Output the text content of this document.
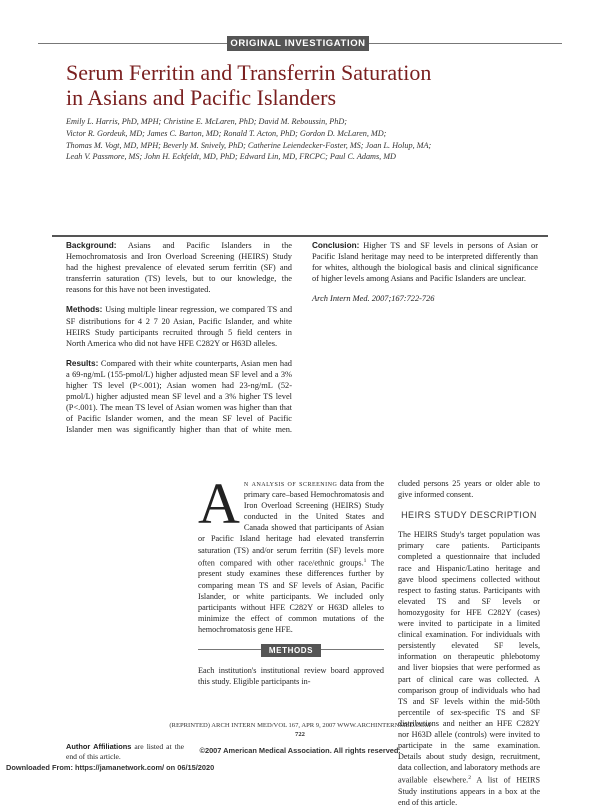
ORIGINAL INVESTIGATION
Serum Ferritin and Transferrin Saturation
in Asians and Pacific Islanders
Emily L. Harris, PhD, MPH; Christine E. McLaren, PhD; David M. Reboussin, PhD;
Victor R. Gordeuk, MD; James C. Barton, MD; Ronald T. Acton, PhD; Gordon D. McLaren, MD;
Thomas M. Vogt, MD, MPH; Beverly M. Snively, PhD; Catherine Leiendecker-Foster, MS; Joan L. Holup, MA;
Leah V. Passmore, MS; John H. Eckfeldt, MD, PhD; Edward Lin, MD, FRCPC; Paul C. Adams, MD

Background: Asians and Pacific Islanders in the Hemochromatosis and Iron Overload Screening (HEIRS) Study had the highest prevalence of elevated serum ferritin (SF) and transferrin saturation (TS) levels, but to our knowledge, the reasons for this have not been investigated.

Methods: Using multiple linear regression, we compared TS and SF distributions for 4 2 7 20 Asian, Pacific Islander, and white HEIRS Study participants recruited through 5 field centers in North America who did not have HFE C282Y or H63D alleles.

Results: Compared with their white counterparts, Asian men had a 69-ng/mL (155-pmol/L) higher adjusted mean SF level and a 3% higher TS level (P<.001); Asian women had 23-ng/mL (52-pmol/L) higher adjusted mean SF level and a 3% higher TS level (P<.001). The mean TS level of Asian women was higher than that of Pacific Islander women, and the mean SF level of Pacific Islander men was significantly higher than that of white men.

Conclusion: Higher TS and SF levels in persons of Asian or Pacific Island heritage may need to be interpreted differently than for whites, although the biological basis and clinical significance of higher levels among Asians and Pacific Islanders are unclear.

Arch Intern Med. 2007;167:722-726

A n analysis of screening data from the primary care–based Hemochromatosis and Iron Overload Screening (HEIRS) Study conducted in the United States and Canada showed that participants of Asian or Pacific Island heritage had elevated transferrin saturation (TS) and/or serum ferritin (SF) levels more often compared with other race/ethnic groups.$^1$ The present study examines these differences further by comparing mean TS and SF levels of Asian, Pacific Islander, or white participants. We included only participants without HFE C282Y or H63D alleles to minimize the effect of common mutations of the hemochromatosis gene HFE.

METHODS

Each institution's institutional review board approved this study. Eligible participants in-

Author Affiliations are listed at the end of this article.

cluded persons 25 years or older able to give informed consent.

HEIRS STUDY DESCRIPTION

The HEIRS Study's target population was primary care patients. Participants completed a questionnaire that included race and Hispanic/Latino heritage and gave blood specimens collected without respect to fasting status. Participants with elevated TS and SF levels or homozygosity for HFE C282Y (cases) were invited to participate in a limited clinical examination. For individuals with persistently elevated SF levels, information on therapeutic phlebotomy and liver biopsies that were performed as part of clinical care was collected. A comparison group of individuals who had TS and SF levels within the mid-50th percentile of sex-specific TS and SF distributions and neither an HFE C282Y nor H63D allele (controls) were invited to participate in the same examination. Details about study design, recruitment, data collection, and laboratory methods are available elsewhere.$^2$ A list of HEIRS Study institutions appears in a box at the end of this article.

(REPRINTED) ARCH INTERN MED/VOL 167, APR 9, 2007 WWW.ARCHINTERNMED.COM
722
©2007 American Medical Association. All rights reserved.
Downloaded From: https://jamanetwork.com/ on 06/15/2020
